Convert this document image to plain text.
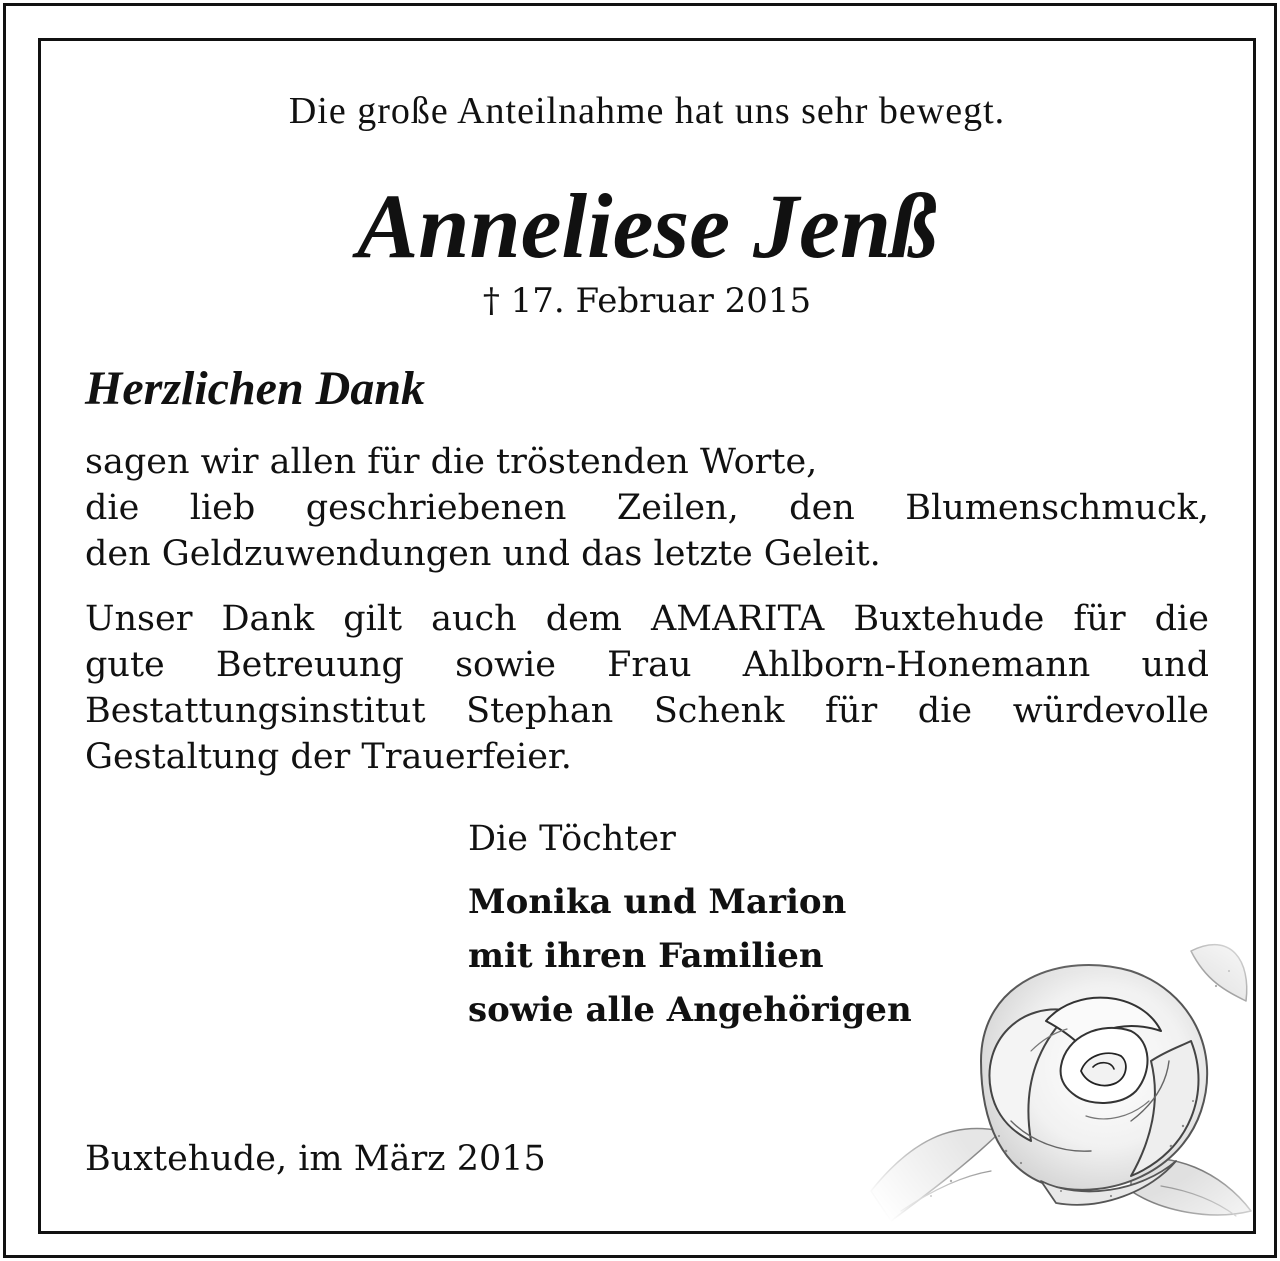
Die große Anteilnahme hat uns sehr bewegt.

Anneliese Jenß

† 17. Februar 2015

Herzlichen Dank

sagen wir allen für die tröstenden Worte,
die lieb geschriebenen Zeilen, den Blumenschmuck,
den Geldzuwendungen und das letzte Geleit.
Unser Dank gilt auch dem AMARITA Buxtehude für die
gute Betreuung sowie Frau Ahlborn-Honemann und
Bestattungsinstitut Stephan Schenk für die würdevolle
Gestaltung der Trauerfeier.

Die Töchter

Monika und Marion
mit ihren Familien
sowie alle Angehörigen

Buxtehude, im März 2015
